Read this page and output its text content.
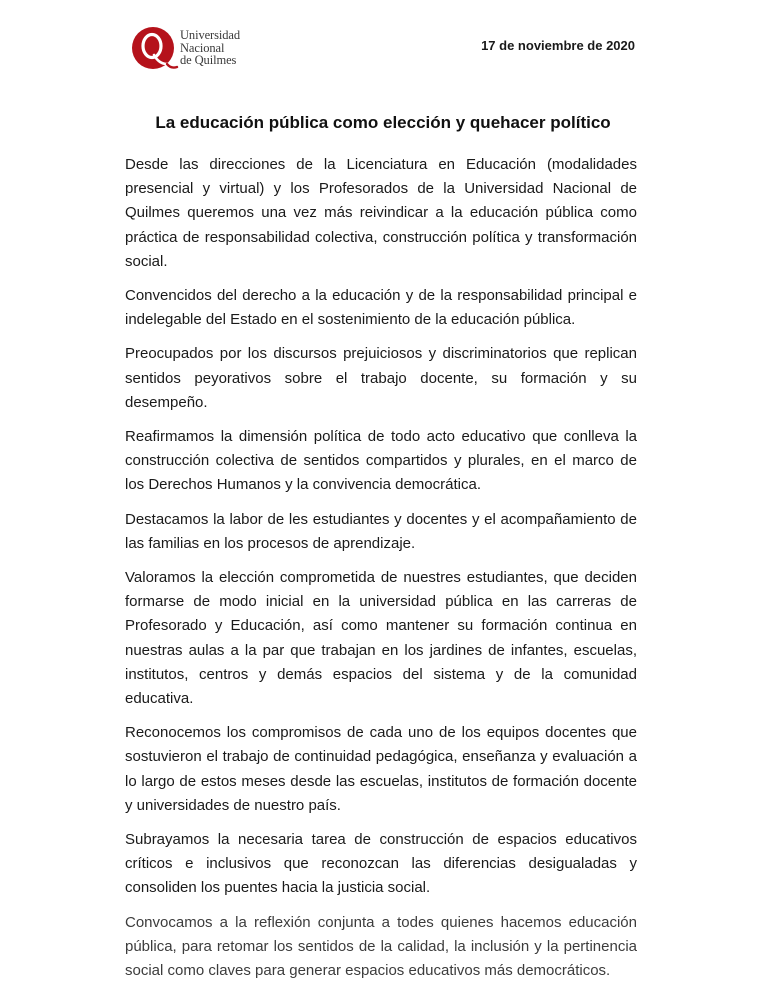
Universidad
Nacional
de Quilmes
17 de noviembre de 2020
La educación pública como elección y quehacer político

Desde las direcciones de la Licenciatura en Educación (modalidades presencial y virtual) y los Profesorados de la Universidad Nacional de Quilmes queremos una vez más reivindicar a la educación pública como práctica de responsabilidad colectiva, construcción política y transformación social.

Convencidos del derecho a la educación y de la responsabilidad principal e indelegable del Estado en el sostenimiento de la educación pública.

Preocupados por los discursos prejuiciosos y discriminatorios que replican sentidos peyorativos sobre el trabajo docente, su formación y su desempeño.

Reafirmamos la dimensión política de todo acto educativo que conlleva la construcción colectiva de sentidos compartidos y plurales, en el marco de los Derechos Humanos y la convivencia democrática.

Destacamos la labor de les estudiantes y docentes y el acompañamiento de las familias en los procesos de aprendizaje.

Valoramos la elección comprometida de nuestres estudiantes, que deciden formarse de modo inicial en la universidad pública en las carreras de Profesorado y Educación, así como mantener su formación continua en nuestras aulas a la par que trabajan en los jardines de infantes, escuelas, institutos, centros y demás espacios del sistema y de la comunidad educativa.

Reconocemos los compromisos de cada uno de los equipos docentes que sostuvieron el trabajo de continuidad pedagógica, enseñanza y evaluación a lo largo de estos meses desde las escuelas, institutos de formación docente y universidades de nuestro país.

Subrayamos la necesaria tarea de construcción de espacios educativos críticos e inclusivos que reconozcan las diferencias desigualadas y consoliden los puentes hacia la justicia social.

Convocamos a la reflexión conjunta a todes quienes hacemos educación pública, para retomar los sentidos de la calidad, la inclusión y la pertinencia social como claves para generar espacios educativos más democráticos.
